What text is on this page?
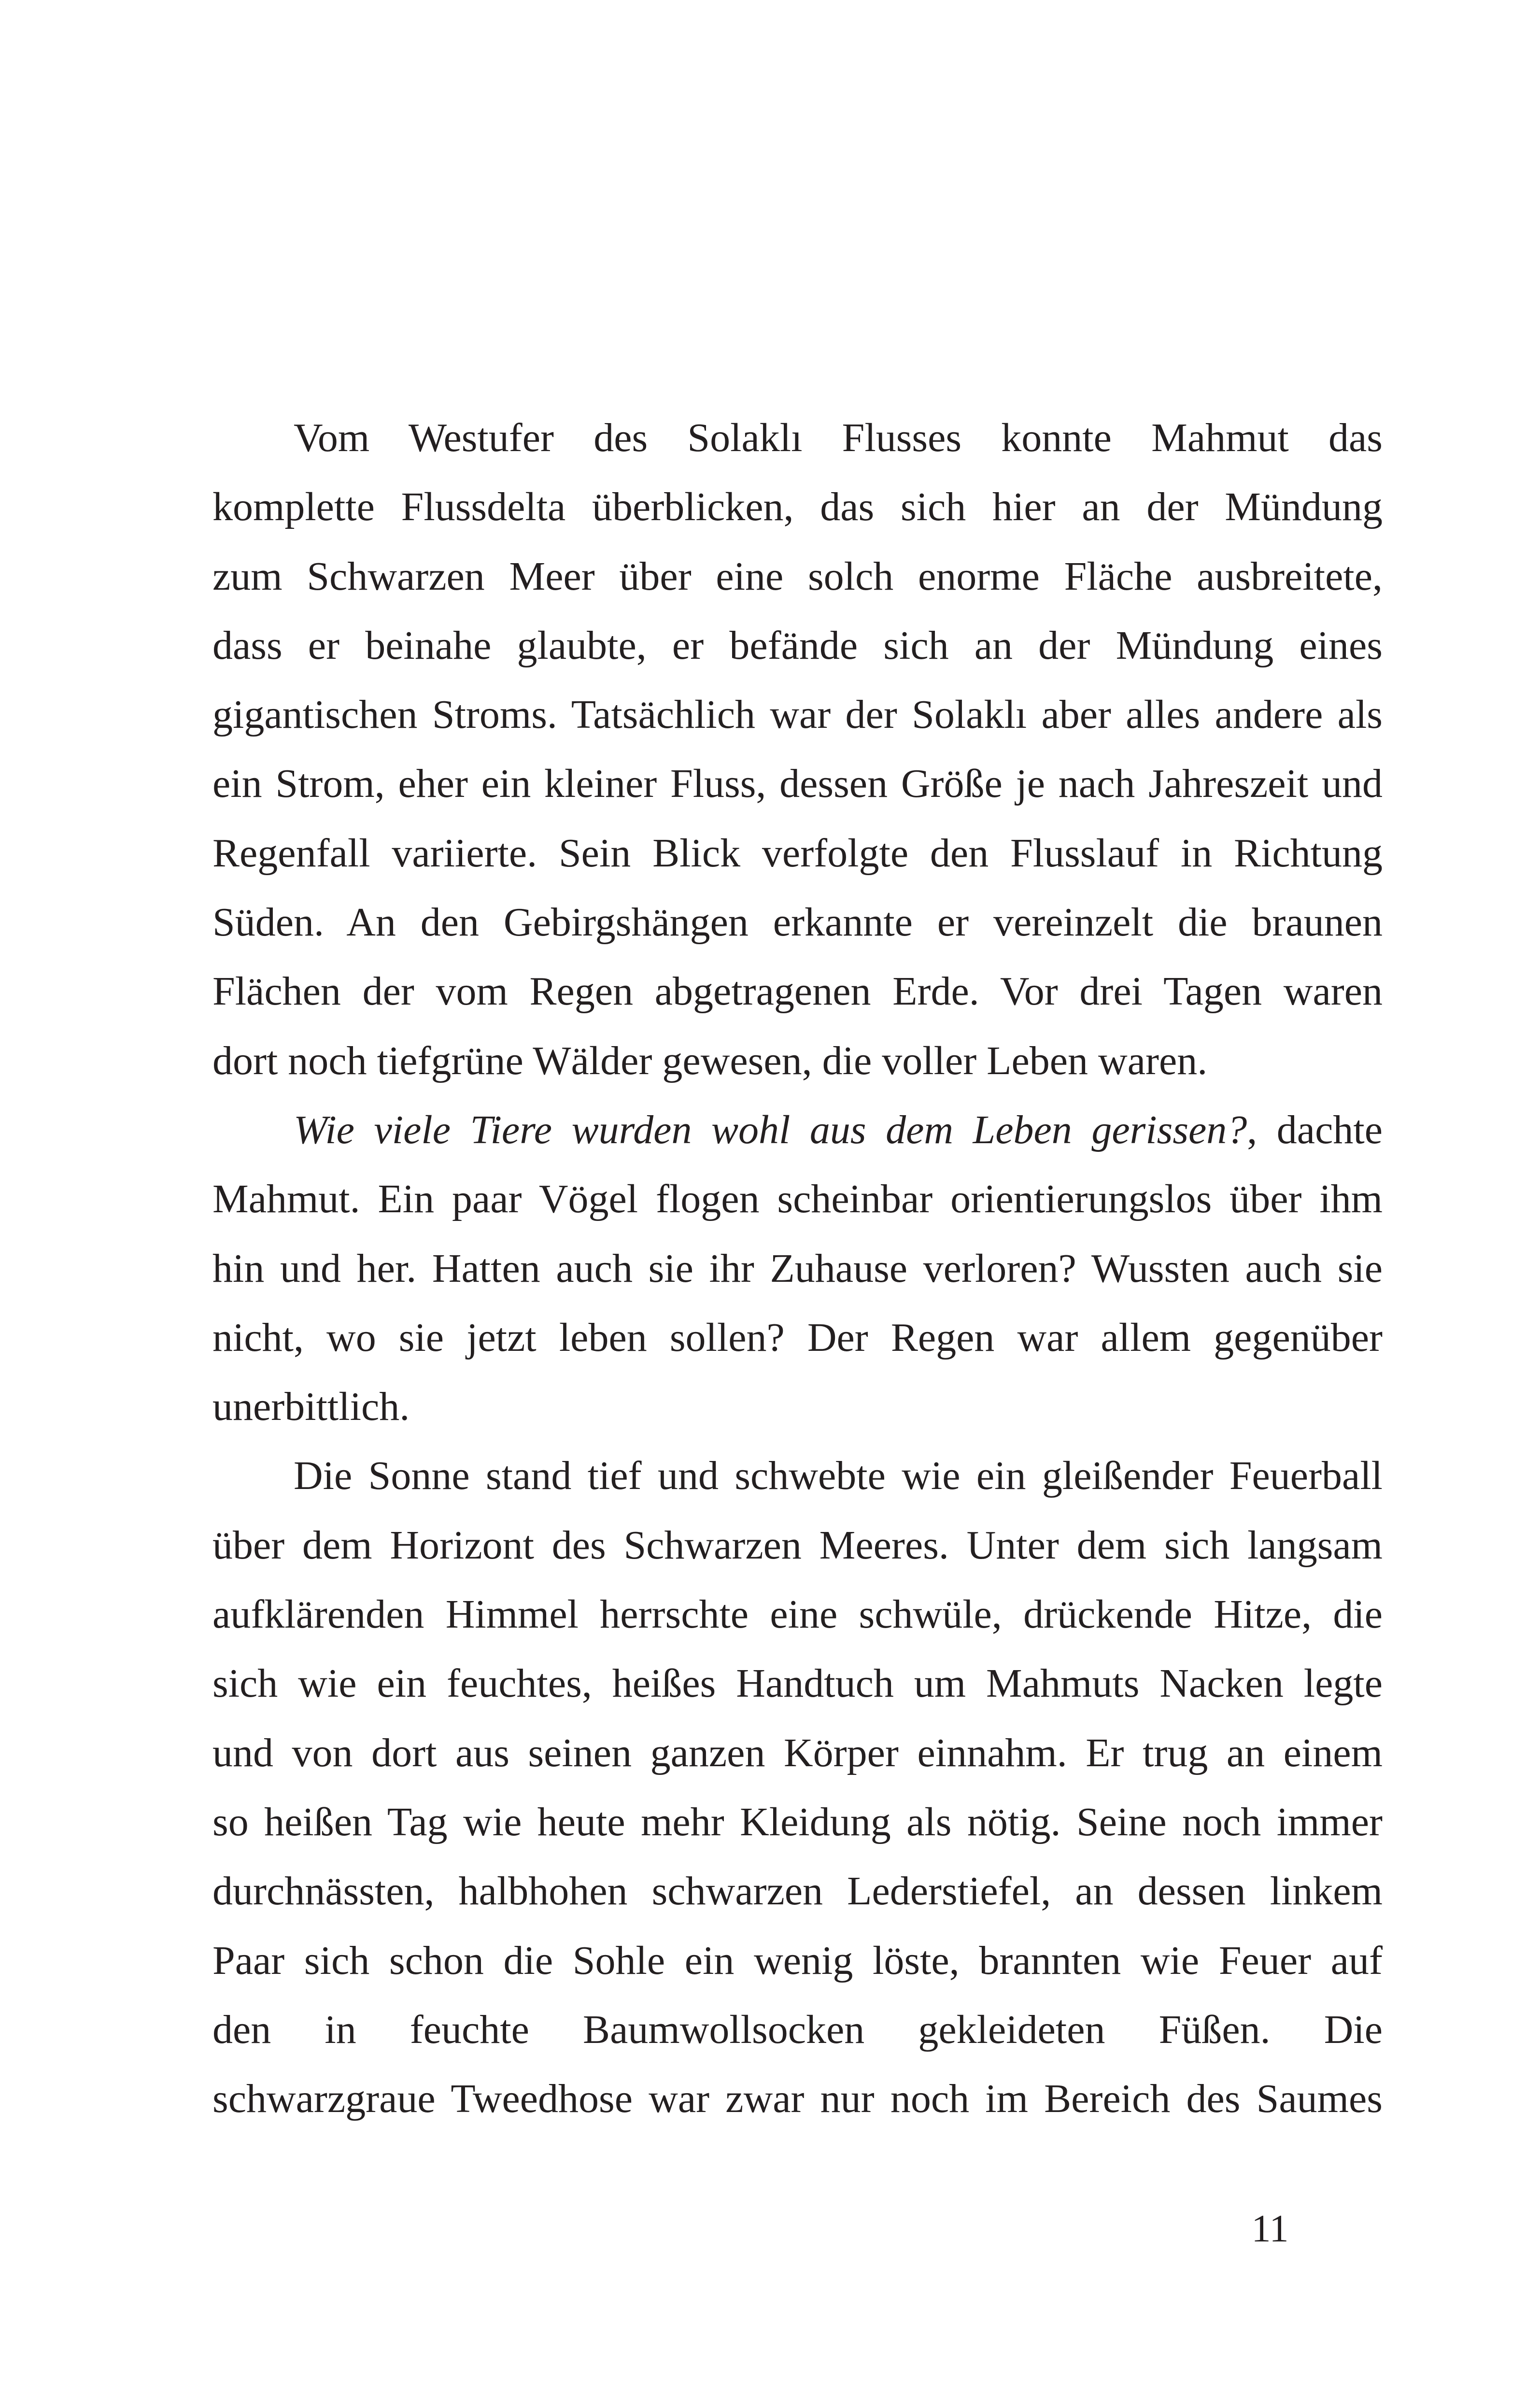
Vom Westufer des Solaklı Flusses konnte Mahmut das
komplette Flussdelta überblicken, das sich hier an der Mündung
zum Schwarzen Meer über eine solch enorme Fläche ausbreitete,
dass er beinahe glaubte, er befände sich an der Mündung eines
gigantischen Stroms. Tatsächlich war der Solaklı aber alles andere als
ein Strom, eher ein kleiner Fluss, dessen Größe je nach Jahreszeit und
Regenfall variierte. Sein Blick verfolgte den Flusslauf in Richtung
Süden. An den Gebirgshängen erkannte er vereinzelt die braunen
Flächen der vom Regen abgetragenen Erde. Vor drei Tagen waren
dort noch tiefgrüne Wälder gewesen, die voller Leben waren.
Wie viele Tiere wurden wohl aus dem Leben gerissen?, dachte
Mahmut. Ein paar Vögel flogen scheinbar orientierungslos über ihm
hin und her. Hatten auch sie ihr Zuhause verloren? Wussten auch sie
nicht, wo sie jetzt leben sollen? Der Regen war allem gegenüber
unerbittlich.
Die Sonne stand tief und schwebte wie ein gleißender Feuerball
über dem Horizont des Schwarzen Meeres. Unter dem sich langsam
aufklärenden Himmel herrschte eine schwüle, drückende Hitze, die
sich wie ein feuchtes, heißes Handtuch um Mahmuts Nacken legte
und von dort aus seinen ganzen Körper einnahm. Er trug an einem
so heißen Tag wie heute mehr Kleidung als nötig. Seine noch immer
durchnässten, halbhohen schwarzen Lederstiefel, an dessen linkem
Paar sich schon die Sohle ein wenig löste, brannten wie Feuer auf
den in feuchte Baumwollsocken gekleideten Füßen. Die
schwarzgraue Tweedhose war zwar nur noch im Bereich des Saumes
11
